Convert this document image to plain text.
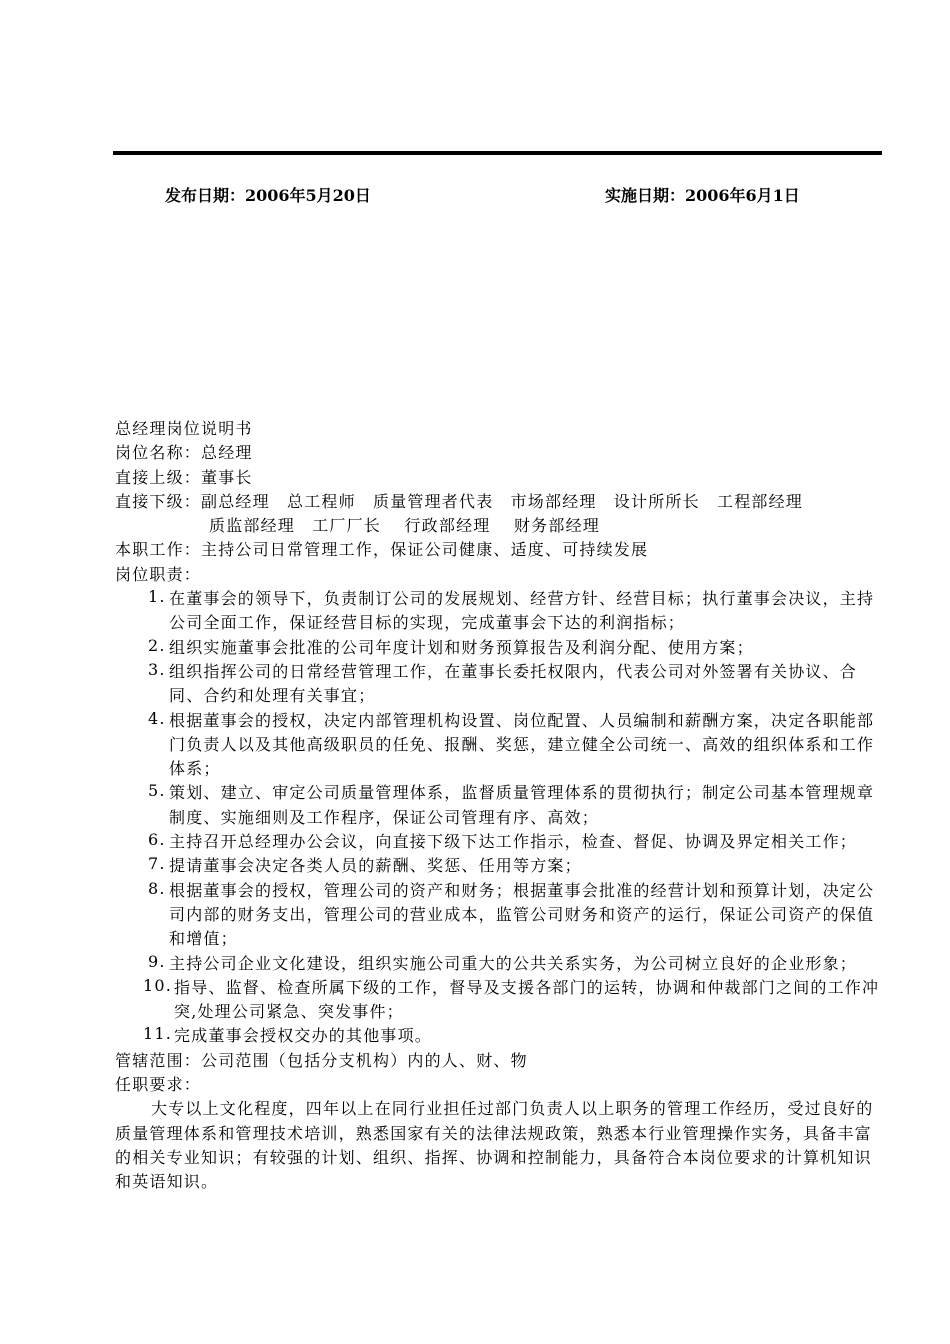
发布日期：2006年5月20日	实施日期：2006年6月1日
总经理岗位说明书
岗位名称：总经理
直接上级：董事长
直接下级：副总经理　总工程师　质量管理者代表　市场部经理　设计所所长　工程部经理
质监部经理　工厂厂长　 行政部经理　 财务部经理
本职工作：主持公司日常管理工作，保证公司健康、适度、可持续发展
岗位职责：
1. 在董事会的领导下，负责制订公司的发展规划、经营方针、经营目标；执行董事会决议，主持公司全面工作，保证经营目标的实现，完成董事会下达的利润指标；
2. 组织实施董事会批准的公司年度计划和财务预算报告及利润分配、使用方案；
3. 组织指挥公司的日常经营管理工作，在董事长委托权限内，代表公司对外签署有关协议、合同、合约和处理有关事宜；
4. 根据董事会的授权，决定内部管理机构设置、岗位配置、人员编制和薪酬方案，决定各职能部门负责人以及其他高级职员的任免、报酬、奖惩，建立健全公司统一、高效的组织体系和工作体系；
5. 策划、建立、审定公司质量管理体系，监督质量管理体系的贯彻执行；制定公司基本管理规章制度、实施细则及工作程序，保证公司管理有序、高效；
6. 主持召开总经理办公会议，向直接下级下达工作指示，检查、督促、协调及界定相关工作；
7. 提请董事会决定各类人员的薪酬、奖惩、任用等方案；
8. 根据董事会的授权，管理公司的资产和财务；根据董事会批准的经营计划和预算计划，决定公司内部的财务支出，管理公司的营业成本，监管公司财务和资产的运行，保证公司资产的保值和增值；
9. 主持公司企业文化建设，组织实施公司重大的公共关系实务，为公司树立良好的企业形象；
10. 指导、监督、检查所属下级的工作，督导及支援各部门的运转，协调和仲裁部门之间的工作冲突,处理公司紧急、突发事件；
11. 完成董事会授权交办的其他事项。
管辖范围：公司范围（包括分支机构）内的人、财、物
任职要求：
大专以上文化程度，四年以上在同行业担任过部门负责人以上职务的管理工作经历，受过良好的质量管理体系和管理技术培训，熟悉国家有关的法律法规政策，熟悉本行业管理操作实务，具备丰富的相关专业知识；有较强的计划、组织、指挥、协调和控制能力，具备符合本岗位要求的计算机知识和英语知识。
